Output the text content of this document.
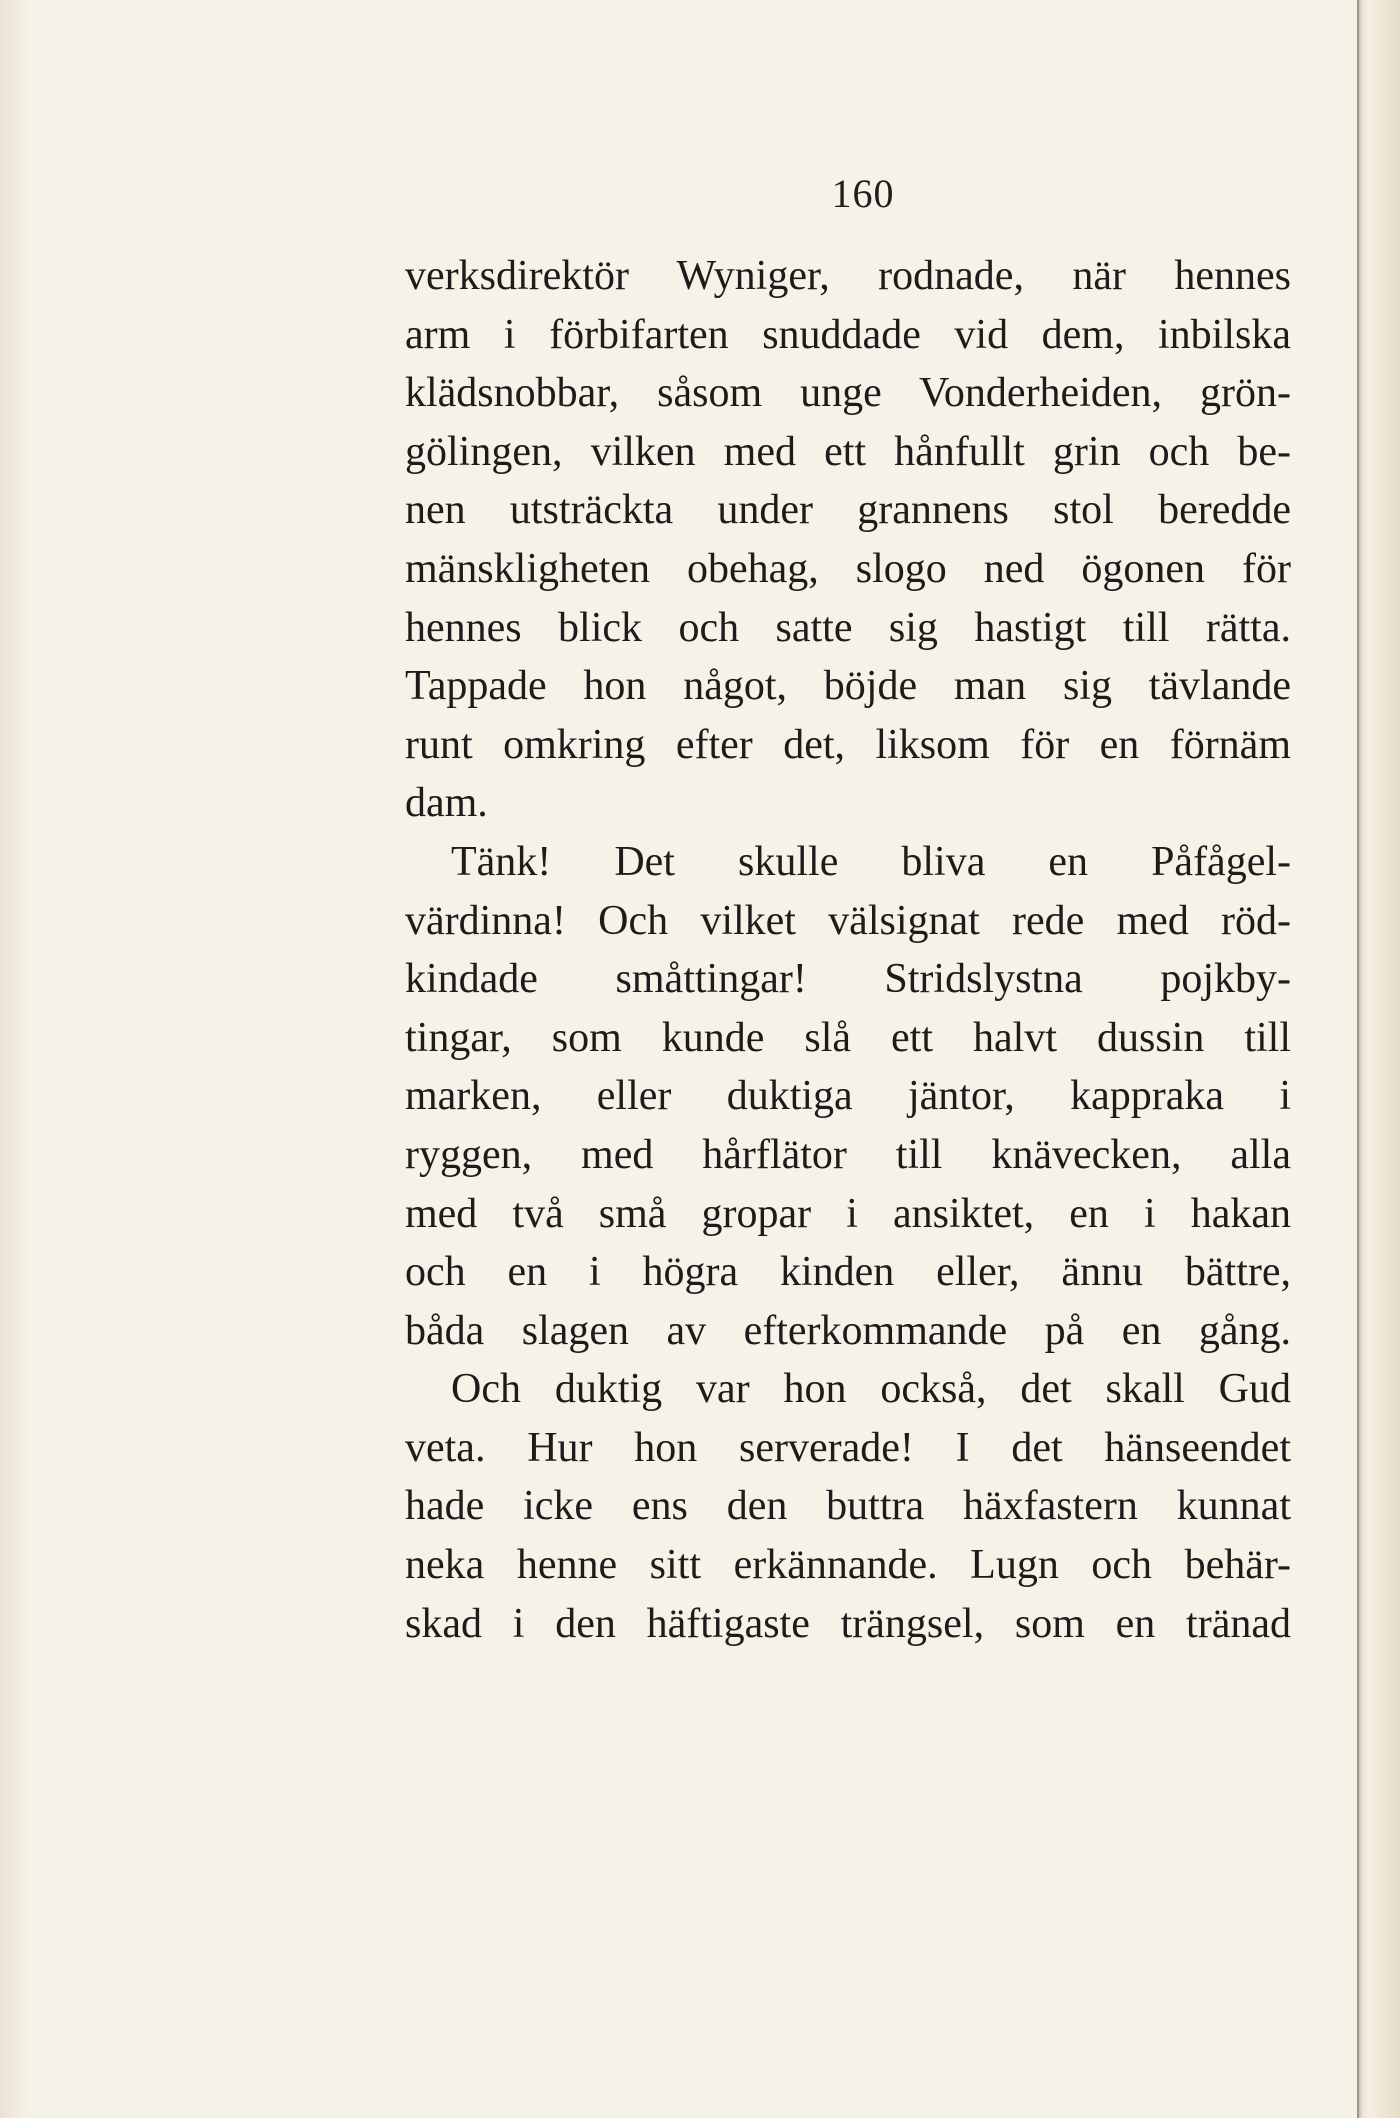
160
verksdirektör Wyniger, rodnade, när hennes
arm i förbifarten snuddade vid dem, inbilska
klädsnobbar, såsom unge Vonderheiden, grön-
gölingen, vilken med ett hånfullt grin och be-
nen utsträckta under grannens stol beredde
mänskligheten obehag, slogo ned ögonen för
hennes blick och satte sig hastigt till rätta.
Tappade hon något, böjde man sig tävlande
runt omkring efter det, liksom för en förnäm
dam.
Tänk! Det skulle bliva en Påfågel-
värdinna! Och vilket välsignat rede med röd-
kindade småttingar! Stridslystna pojkby-
tingar, som kunde slå ett halvt dussin till
marken, eller duktiga jäntor, kappraka i
ryggen, med hårflätor till knävecken, alla
med två små gropar i ansiktet, en i hakan
och en i högra kinden eller, ännu bättre,
båda slagen av efterkommande på en gång.
Och duktig var hon också, det skall Gud
veta. Hur hon serverade! I det hänseendet
hade icke ens den buttra häxfastern kunnat
neka henne sitt erkännande. Lugn och behär-
skad i den häftigaste trängsel, som en tränad
